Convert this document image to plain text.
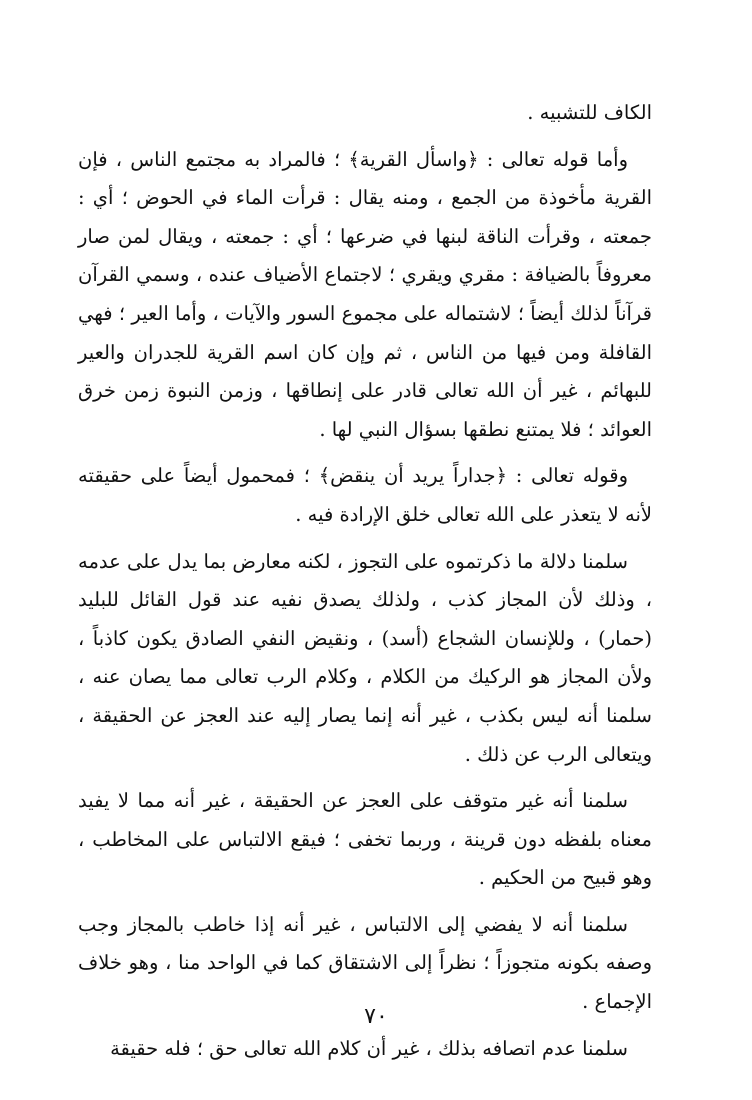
الكاف للتشبيه .

وأما قوله تعالى : ﴿واسأل القرية﴾ ؛ فالمراد به مجتمع الناس ، فإن القرية مأخوذة من الجمع ، ومنه يقال : قرأت الماء في الحوض ؛ أي : جمعته ، وقرأت الناقة لبنها في ضرعها ؛ أي : جمعته ، ويقال لمن صار معروفاً بالضيافة : مقري ويقري ؛ لاجتماع الأضياف عنده ، وسمي القرآن قرآناً لذلك أيضاً ؛ لاشتماله على مجموع السور والآيات ، وأما العير ؛ فهي القافلة ومن فيها من الناس ، ثم وإن كان اسم القرية للجدران والعير للبهائم ، غير أن الله تعالى قادر على إنطاقها ، وزمن النبوة زمن خرق العوائد ؛ فلا يمتنع نطقها بسؤال النبي لها .

وقوله تعالى : ﴿جداراً يريد أن ينقض﴾ ؛ فمحمول أيضاً على حقيقته لأنه لا يتعذر على الله تعالى خلق الإرادة فيه .

سلمنا دلالة ما ذكرتموه على التجوز ، لكنه معارض بما يدل على عدمه ، وذلك لأن المجاز كذب ، ولذلك يصدق نفيه عند قول القائل للبليد (حمار) ، وللإنسان الشجاع (أسد) ، ونقيض النفي الصادق يكون كاذباً ، ولأن المجاز هو الركيك من الكلام ، وكلام الرب تعالى مما يصان عنه ، سلمنا أنه ليس بكذب ، غير أنه إنما يصار إليه عند العجز عن الحقيقة ، ويتعالى الرب عن ذلك .

سلمنا أنه غير متوقف على العجز عن الحقيقة ، غير أنه مما لا يفيد معناه بلفظه دون قرينة ، وربما تخفى ؛ فيقع الالتباس على المخاطب ، وهو قبيح من الحكيم .

سلمنا أنه لا يفضي إلى الالتباس ، غير أنه إذا خاطب بالمجاز وجب وصفه بكونه متجوزاً ؛ نظراً إلى الاشتقاق كما في الواحد منا ، وهو خلاف الإجماع .

سلمنا عدم اتصافه بذلك ، غير أن كلام الله تعالى حق ؛ فله حقيقة

٧٠
